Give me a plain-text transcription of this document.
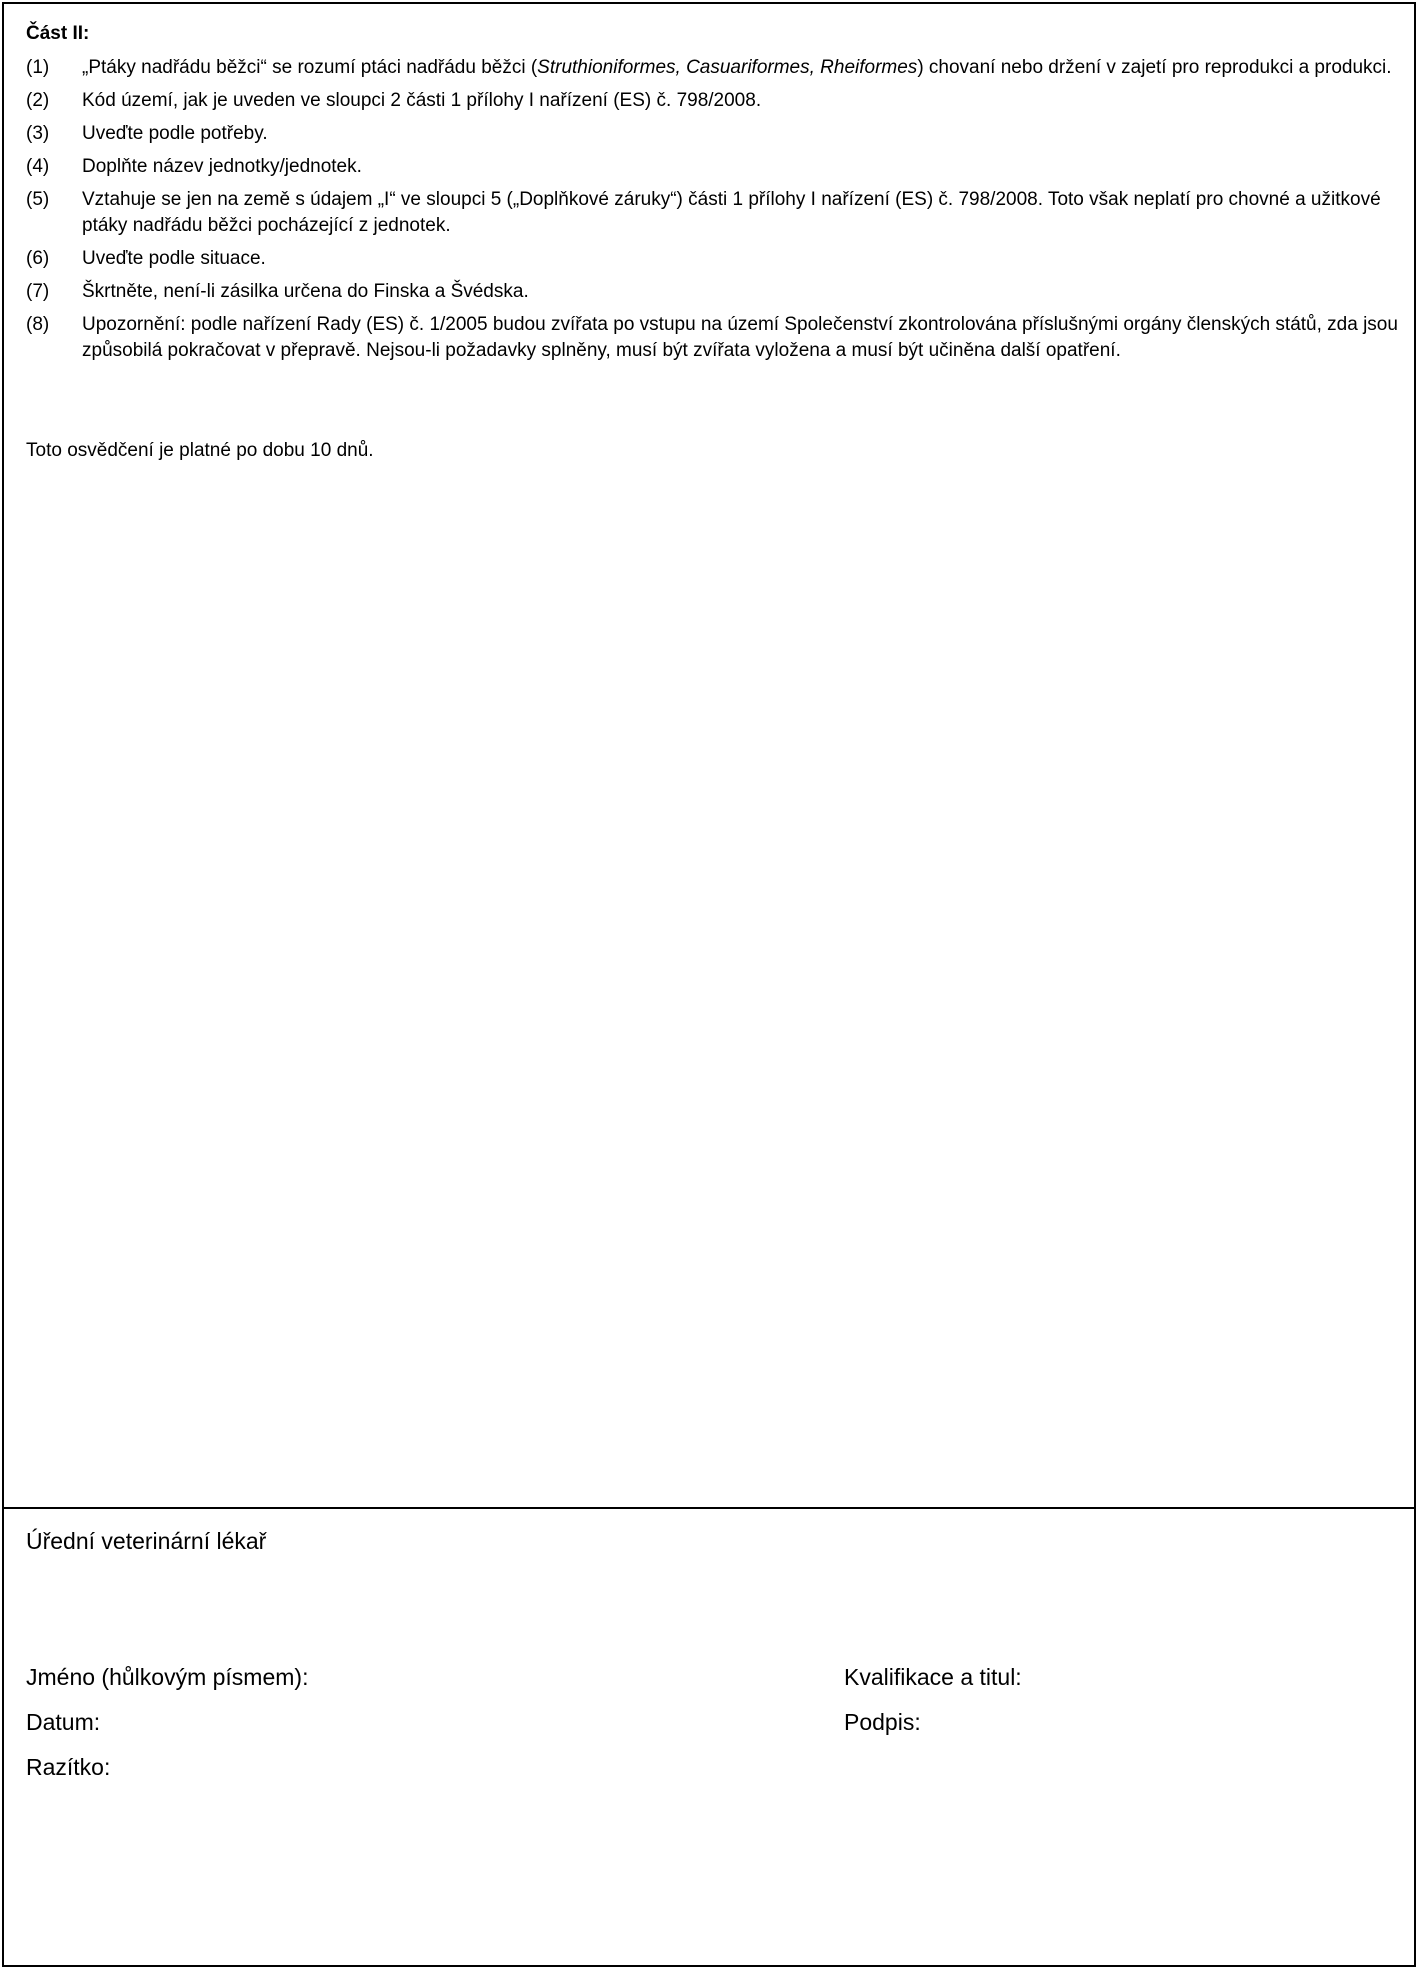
Část II:

(1)	„Ptáky nadřádu běžci“ se rozumí ptáci nadřádu běžci (Struthioniformes, Casuariformes, Rheiformes) chovaní nebo držení v zajetí pro reprodukci a produkci.
(2)	Kód území, jak je uveden ve sloupci 2 části 1 přílohy I nařízení (ES) č. 798/2008.
(3)	Uveďte podle potřeby.
(4)	Doplňte název jednotky/jednotek.
(5)	Vztahuje se jen na země s údajem „I“ ve sloupci 5 („Doplňkové záruky“) části 1 přílohy I nařízení (ES) č. 798/2008. Toto však neplatí pro chovné a užitkové ptáky nadřádu běžci pocházející z jednotek.
(6)	Uveďte podle situace.
(7)	Škrtněte, není-li zásilka určena do Finska a Švédska.
(8)	Upozornění: podle nařízení Rady (ES) č. 1/2005 budou zvířata po vstupu na území Společenství zkontrolována příslušnými orgány členských států, zda jsou způsobilá pokračovat v přepravě. Nejsou-li požadavky splněny, musí být zvířata vyložena a musí být učiněna další opatření.

Toto osvědčení je platné po dobu 10 dnů.

Úřední veterinární lékař

Jméno (hůlkovým písmem):	Kvalifikace a titul:
Datum:	Podpis:
Razítko:
